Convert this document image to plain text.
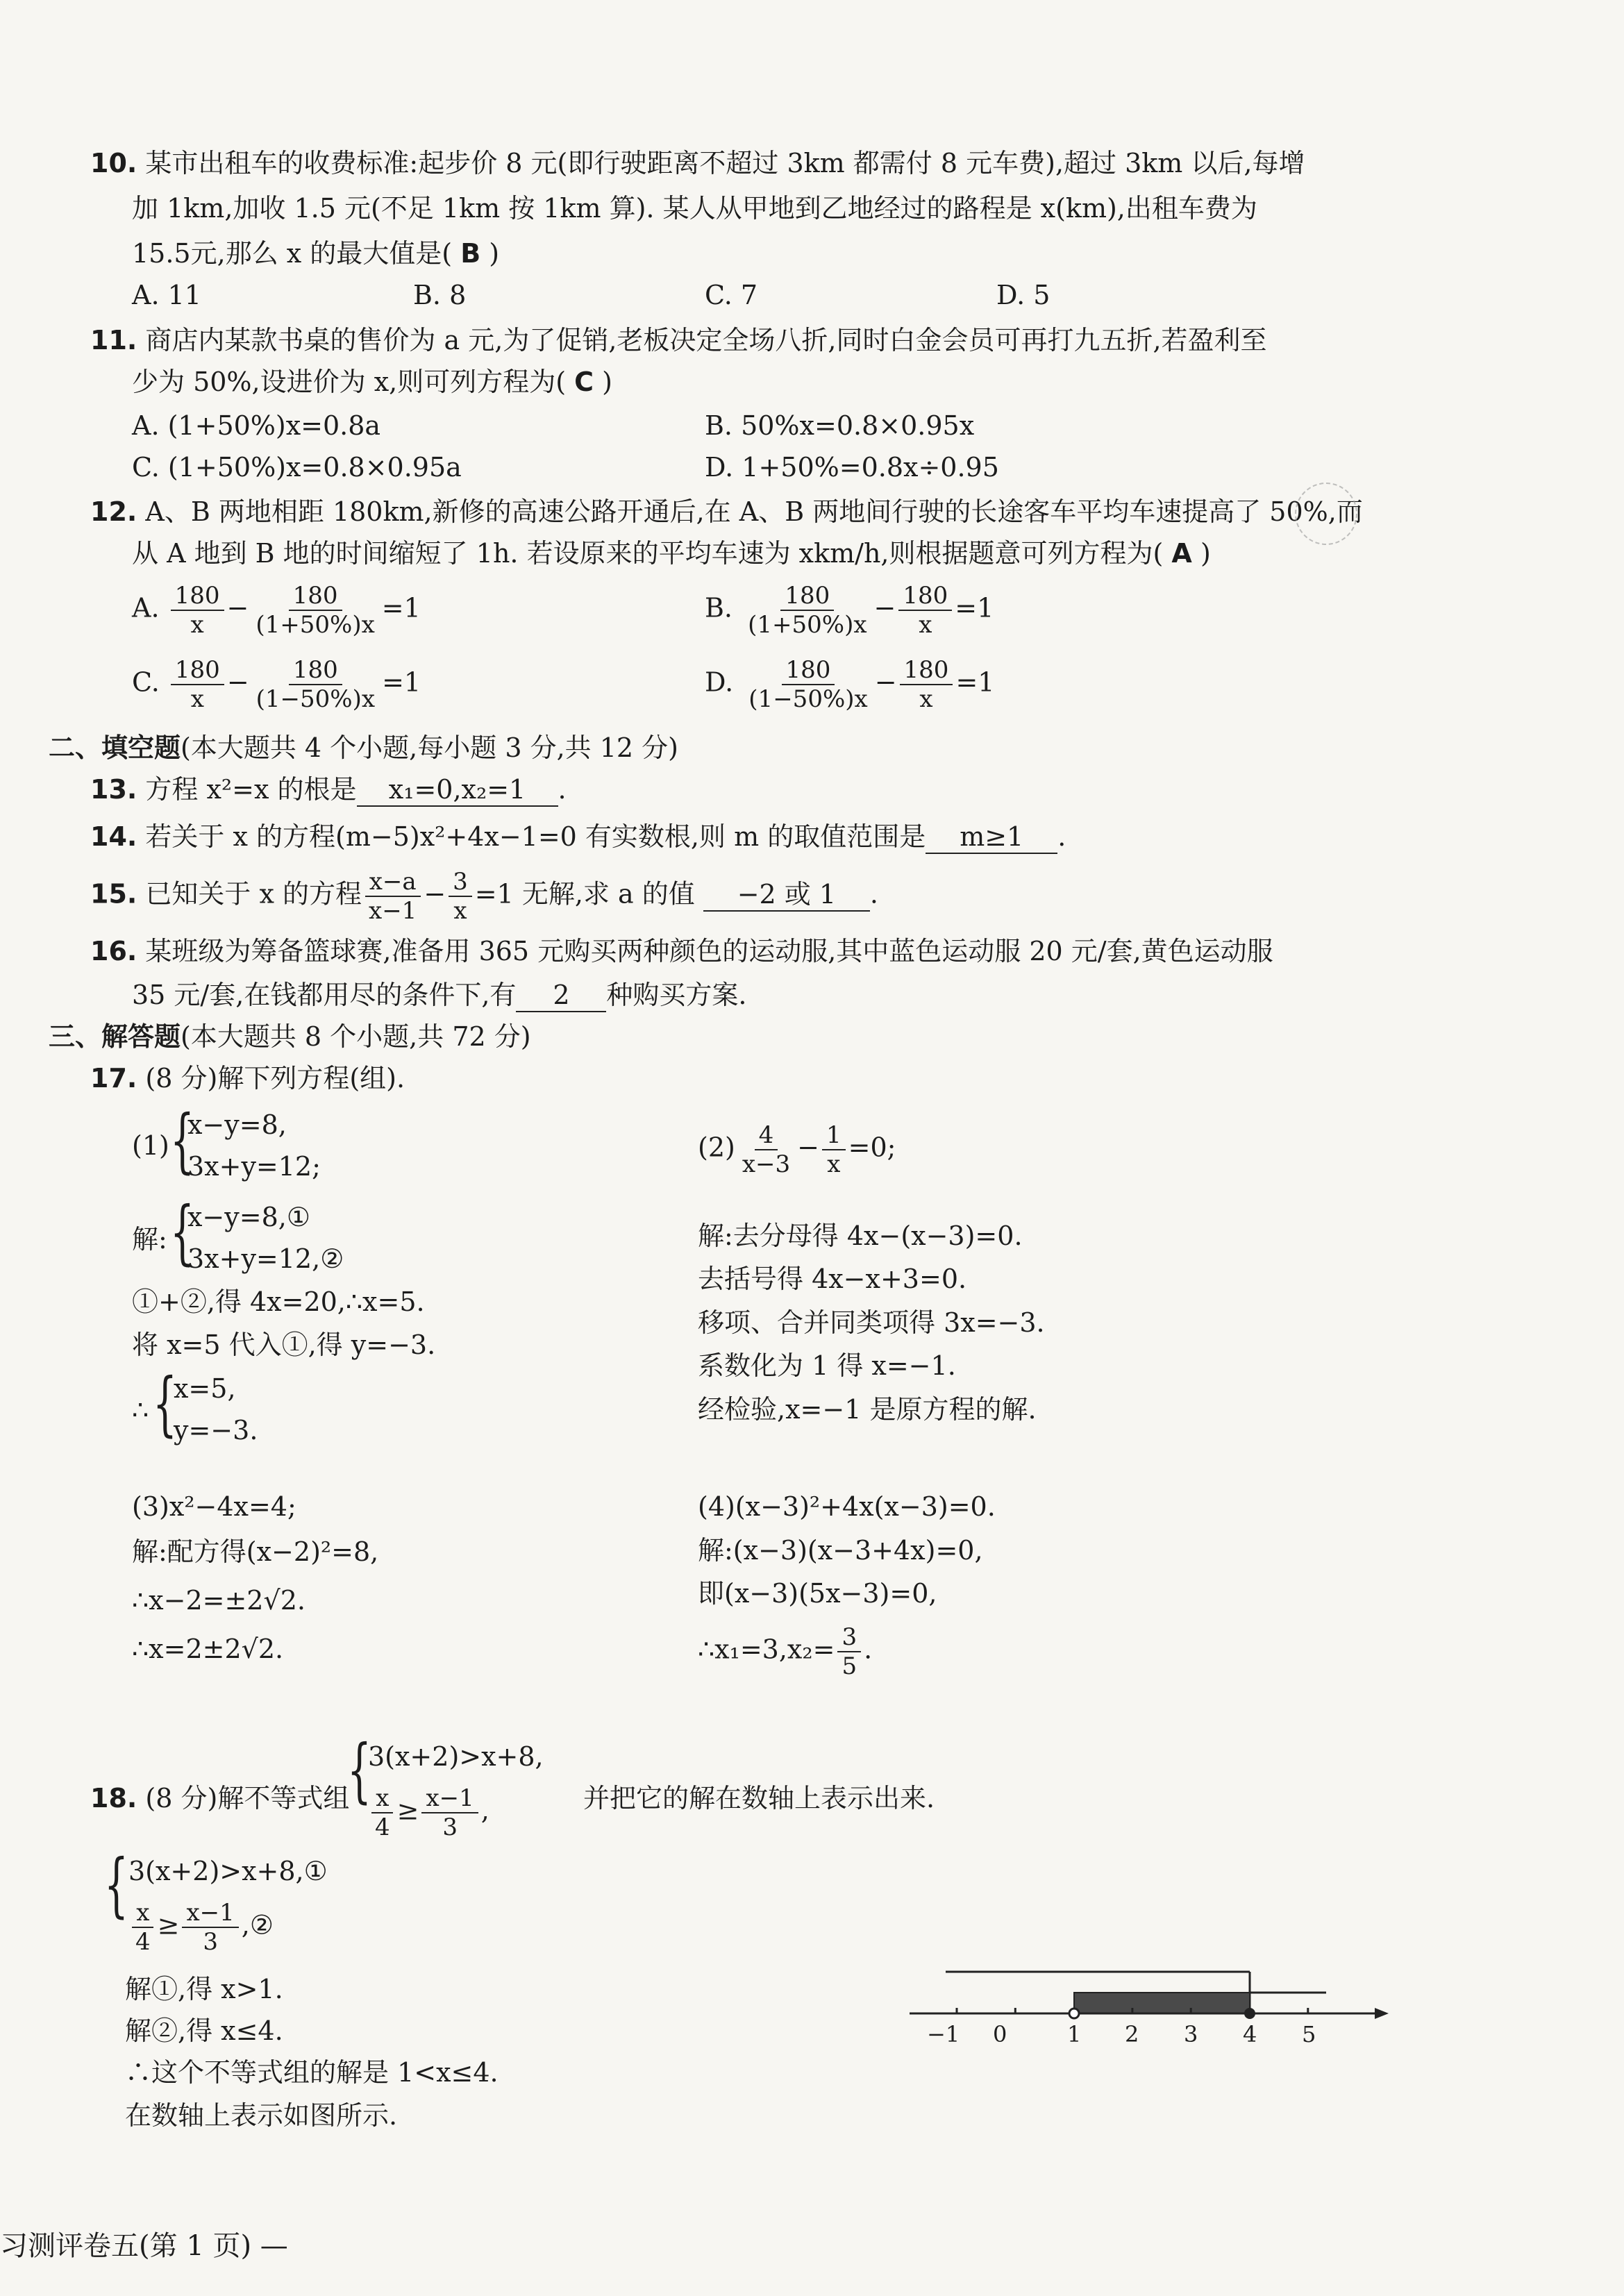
10. 某市出租车的收费标准:起步价 8 元(即行驶距离不超过 3km 都需付 8 元车费),超过 3km 以后,每增
加 1km,加收 1.5 元(不足 1km 按 1km 算). 某人从甲地到乙地经过的路程是 x(km),出租车费为
15.5元,那么 x 的最大值是( B )
A. 11	B. 8	C. 7	D. 5
11. 商店内某款书桌的售价为 a 元,为了促销,老板决定全场八折,同时白金会员可再打九五折,若盈利至
少为 50%,设进价为 x,则可列方程为( C )
A. (1+50%)x=0.8a	B. 50%x=0.8×0.95x
C. (1+50%)x=0.8×0.95a	D. 1+50%=0.8x÷0.95
12. A、B 两地相距 180km,新修的高速公路开通后,在 A、B 两地间行驶的长途客车平均车速提高了 50%,而
从 A 地到 B 地的时间缩短了 1h. 若设原来的平均车速为 xkm/h,则根据题意可列方程为( A )
A. $\frac{180}{x} - \frac{180}{(1+50\%)x} =1$	B. $\frac{180}{(1+50\%)x} - \frac{180}{x} =1$
C. $\frac{180}{x} - \frac{180}{(1-50\%)x} =1$	D. $\frac{180}{(1-50\%)x} - \frac{180}{x} =1$
二、填空题(本大题共 4 个小题,每小题 3 分,共 12 分)
13. 方程 x²=x 的根是 x₁=0,x₂=1 .
14. 若关于 x 的方程(m−5)x²+4x−1=0 有实数根,则 m 的取值范围是 m≥1 .
15. 已知关于 x 的方程 $\frac{x-a}{x-1} - \frac{3}{x} =1$ 无解,求 a 的值 −2 或 1 .
16. 某班级为筹备篮球赛,准备用 365 元购买两种颜色的运动服,其中蓝色运动服 20 元/套,黄色运动服
35 元/套,在钱都用尽的条件下,有 2 种购买方案.
三、解答题(本大题共 8 个小题,共 72 分)
17. (8 分)解下列方程(组).
(1) {
x−y=8,
3x+y=12;
解: {
x−y=8,①
3x+y=12,②
①+②,得 4x=20,∴x=5.
将 x=5 代入①,得 y=−3.
∴ {
x=5,
y=−3.
$(2) \frac{4}{x-3} - \frac{1}{x} =0$;
解:去分母得 4x−(x−3)=0.
去括号得 4x−x+3=0.
移项、合并同类项得 3x=−3.
系数化为 1 得 x=−1.
经检验,x=−1 是原方程的解.
(3)x²−4x=4;
解:配方得(x−2)²=8,
∴x−2=±2√2.
∴x=2±2√2.
(4)(x−3)²+4x(x−3)=0.
解:(x−3)(x−3+4x)=0,
即(x−3)(5x−3)=0,
∴x₁=3,x₂= $\frac{3}{5}$ .
18. (8 分)解不等式组
{
3(x+2)>x+8,
$\frac{x}{4} \ge \frac{x-1}{3}$ ,	并把它的解在数轴上表示出来.
{ 3(x+2)>x+8,①
$\frac{x}{4} \ge \frac{x-1}{3}$ ,②
解①,得 x>1.
解②,得 x≤4.
∴这个不等式组的解是 1<x≤4.
在数轴上表示如图所示.
−1 0	1 2 3 4 5
习测评卷五(第 1 页) —
